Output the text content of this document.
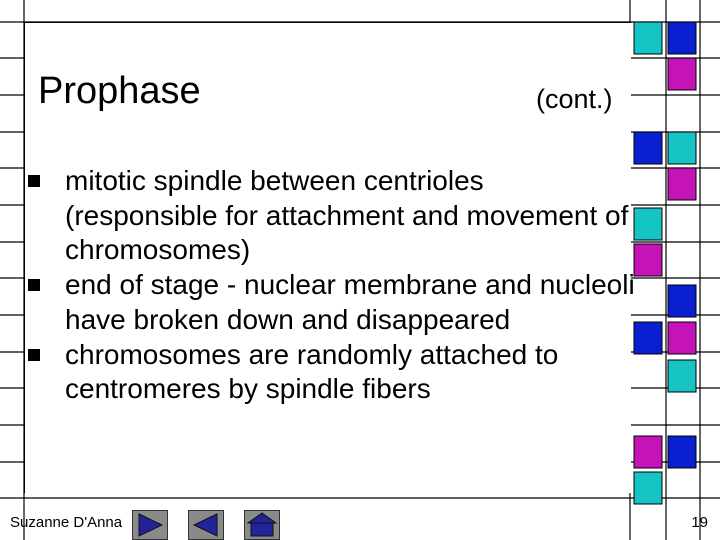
Prophase	(cont.)
mitotic spindle between centrioles (responsible for attachment and movement of chromosomes)
end of stage - nuclear membrane and nucleoli have broken down and disappeared
chromosomes are randomly attached to centromeres by spindle fibers
Suzanne D'Anna	19
